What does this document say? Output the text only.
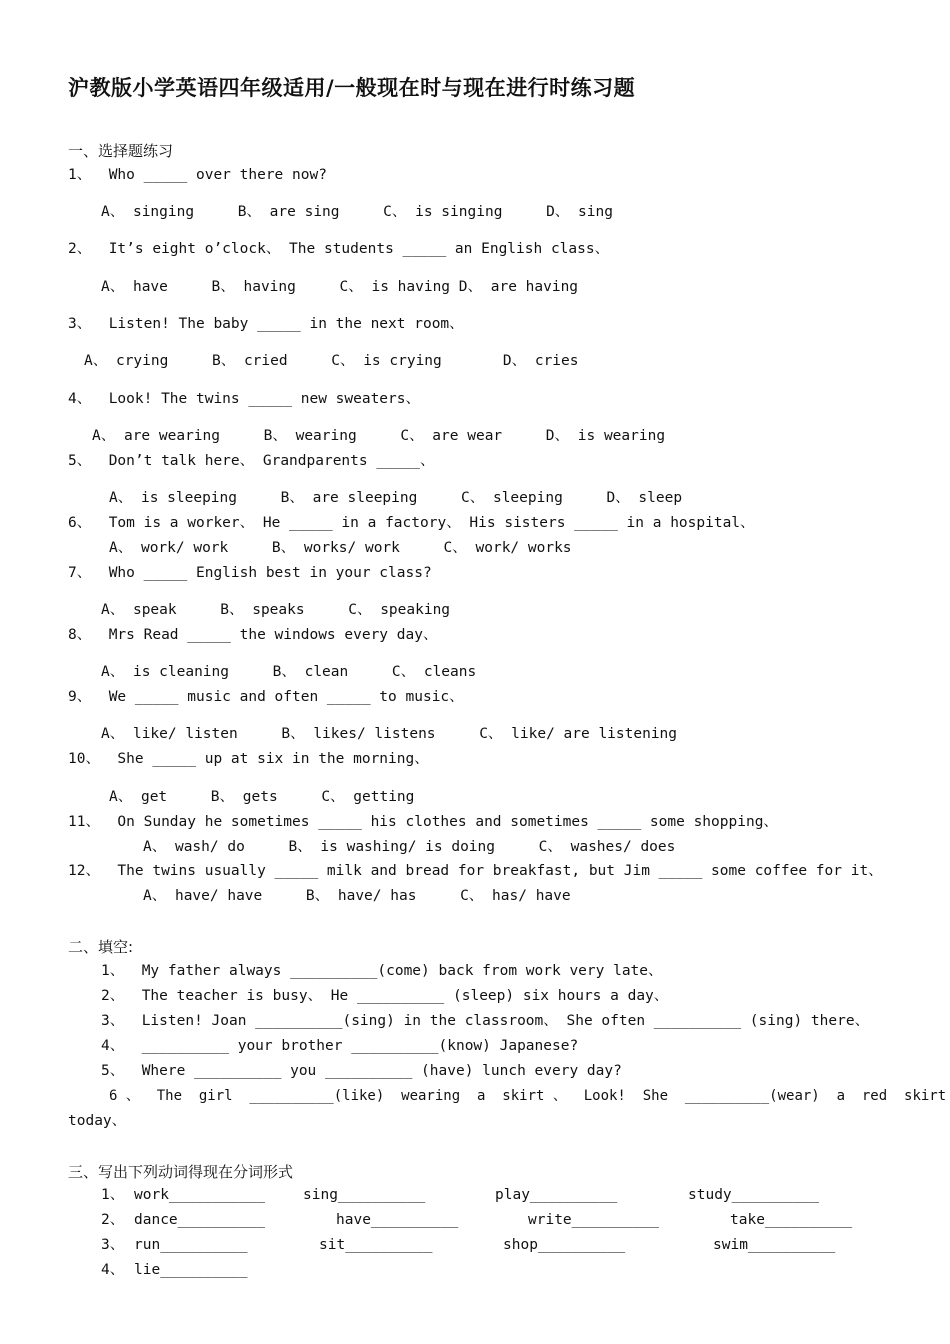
沪教版小学英语四年级适用/一般现在时与现在进行时练习题
一、选择题练习
1、  Who _____ over there now?
A、 singing     B、 are sing     C、 is singing     D、 sing
2、  It’s eight o’clock、 The students _____ an English class、
A、 have     B、 having     C、 is having D、 are having
3、  Listen! The baby _____ in the next room、
A、 crying     B、 cried     C、 is crying       D、 cries
4、  Look! The twins _____ new sweaters、
A、 are wearing     B、 wearing     C、 are wear     D、 is wearing
5、  Don’t talk here、 Grandparents _____、
A、 is sleeping     B、 are sleeping     C、 sleeping     D、 sleep
6、  Tom is a worker、 He _____ in a factory、 His sisters _____ in a hospital、
A、 work/ work     B、 works/ work     C、 work/ works
7、  Who _____ English best in your class?
A、 speak     B、 speaks     C、 speaking
8、  Mrs Read _____ the windows every day、
A、 is cleaning     B、 clean     C、 cleans
9、  We _____ music and often _____ to music、
A、 like/ listen     B、 likes/ listens     C、 like/ are listening
10、  She _____ up at six in the morning、
A、 get     B、 gets     C、 getting
11、  On Sunday he sometimes _____ his clothes and sometimes _____ some shopping、
A、 wash/ do     B、 is washing/ is doing     C、 washes/ does
12、  The twins usually _____ milk and bread for breakfast, but Jim _____ some coffee for it、
A、 have/ have     B、 have/ has     C、 has/ have
二、填空:
1、  My father always __________(come) back from work very late、
2、  The teacher is busy、 He __________ (sleep) six hours a day、
3、  Listen! Joan __________(sing) in the classroom、 She often __________ (sing) there、
4、  __________ your brother __________(know) Japanese?
5、  Where __________ you __________ (have) lunch every day?
6 、  The  girl  __________(like)  wearing  a  skirt 、  Look!  She  __________(wear)  a  red  skirt
today、
三、写出下列动词得现在分词形式
1、 work___________	sing__________	play__________	study__________
2、 dance__________	have__________	write__________	take__________
3、 run__________	sit__________	shop__________	swim__________
4、 lie__________
